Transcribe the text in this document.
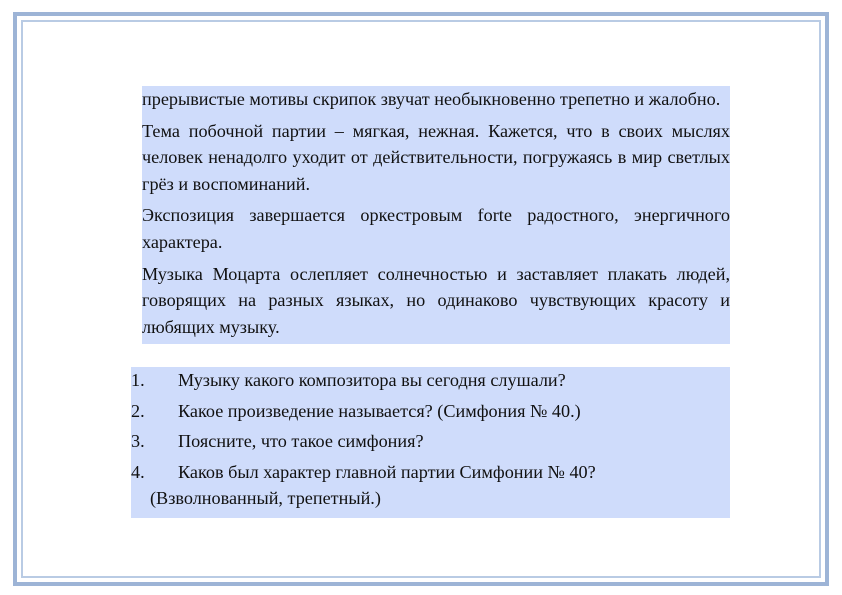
прерывистые мотивы скрипок звучат необыкновенно трепетно и жалобно.

Тема побочной партии – мягкая, нежная. Кажется, что в своих мыслях человек ненадолго уходит от действительности, погружаясь в мир светлых грёз и воспоминаний.

Экспозиция завершается оркестровым forte радостного, энергичного характера.

Музыка Моцарта ослепляет солнечностью и заставляет плакать людей, говорящих на разных языках, но одинаково чувствующих красоту и любящих музыку.

1. Музыку какого композитора вы сегодня слушали?
2. Какое произведение называется? (Симфония № 40.)
3. Поясните, что такое симфония?
4. Каков был характер главной партии Симфонии № 40?
(Взволнованный, трепетный.)
